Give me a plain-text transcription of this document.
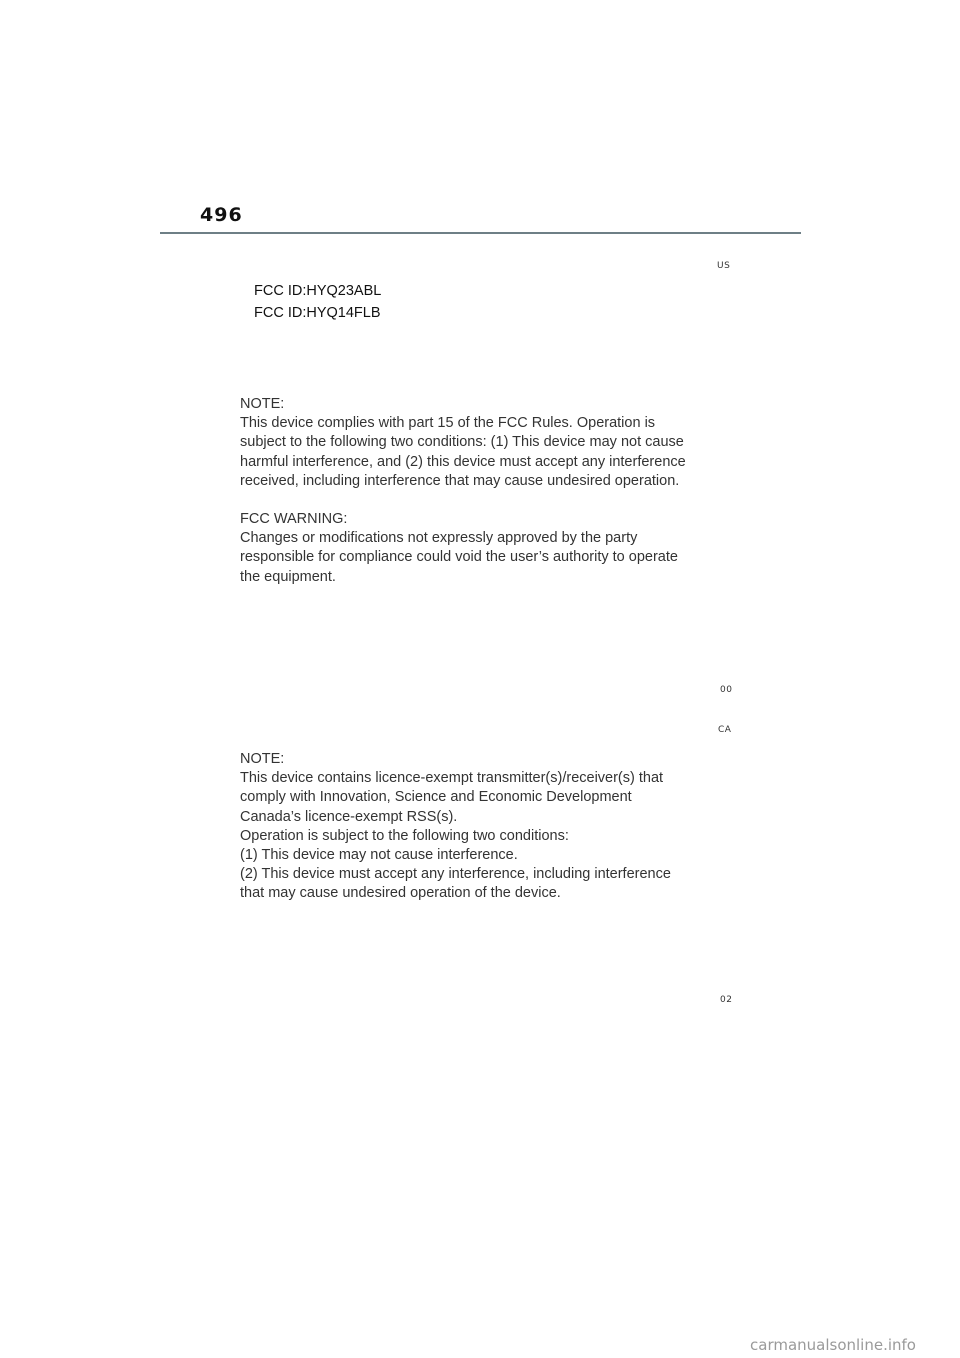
496
US
FCC ID:HYQ23ABL
FCC ID:HYQ14FLB
NOTE:
This device complies with part 15 of the FCC Rules. Operation is
subject to the following two conditions: (1) This device may not cause
harmful interference, and (2) this device must accept any interference
received, including interference that may cause undesired operation.
FCC WARNING:
Changes or modifications not expressly approved by the party
responsible for compliance could void the user’s authority to operate
the equipment.
00
CA
NOTE:
This device contains licence-exempt transmitter(s)/receiver(s) that
comply with Innovation, Science and Economic Development
Canada’s licence-exempt RSS(s).
Operation is subject to the following two conditions:
(1) This device may not cause interference.
(2) This device must accept any interference, including interference
that may cause undesired operation of the device.
02
carmanualsonline.info
